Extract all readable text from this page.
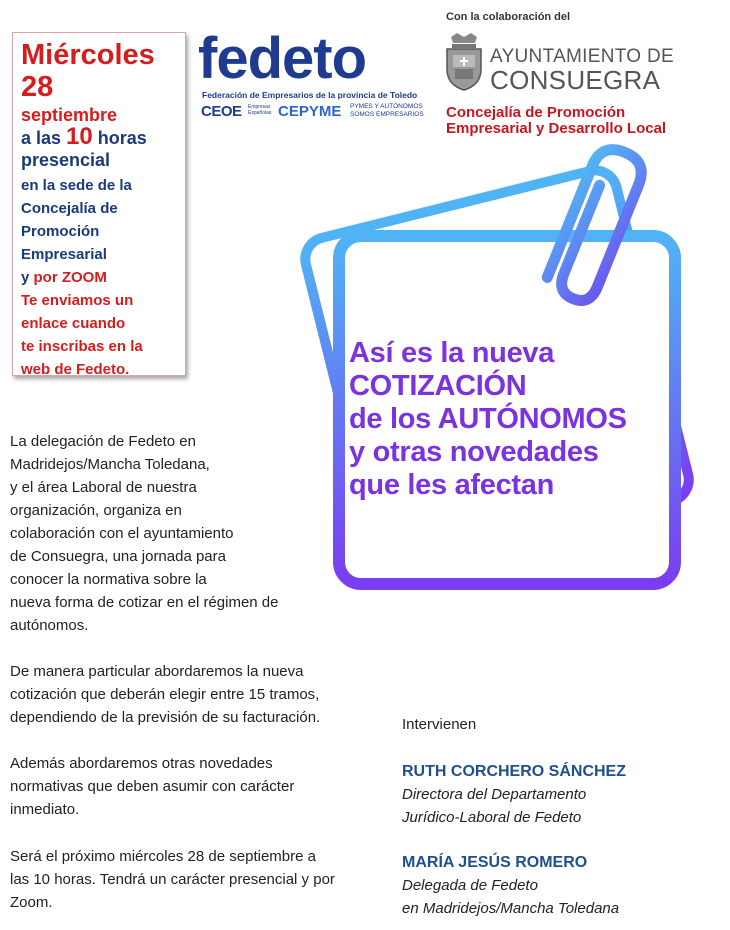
Miércoles
28
septiembre
a las 10 horas
presencial
en la sede de la
Concejalía de
Promoción
Empresarial
y por ZOOM
Te enviamos un
enlace cuando
te inscribas en la
web de Fedeto.
fedeto
Federación de Empresarios de la provincia de Toledo
CEOE Empresas Españolas CEPYME PYMES Y AUTÓNOMOS
SOMOS EMPRESARIOS
Con la colaboración del
AYUNTAMIENTO DE
CONSUEGRA
Concejalía de Promoción
Empresarial y Desarrollo Local
Así es la nueva
COTIZACIÓN
de los AUTÓNOMOS
y otras novedades
que les afectan
La delegación de Fedeto en
Madridejos/Mancha Toledana,
y el área Laboral de nuestra
organización, organiza en
colaboración con el ayuntamiento
de Consuegra, una jornada para
conocer la normativa sobre la
nueva forma de cotizar en el régimen de
autónomos.
De manera particular abordaremos la nueva
cotización que deberán elegir entre 15 tramos,
dependiendo de la previsión de su facturación.
Además abordaremos otras novedades
normativas que deben asumir con carácter
inmediato.
Será el próximo miércoles 28 de septiembre a
las 10 horas. Tendrá un carácter presencial y por
Zoom.
Intervienen
RUTH CORCHERO SÁNCHEZ
Directora del Departamento
Jurídico-Laboral de Fedeto
MARÍA JESÚS ROMERO
Delegada de Fedeto
en Madridejos/Mancha Toledana
